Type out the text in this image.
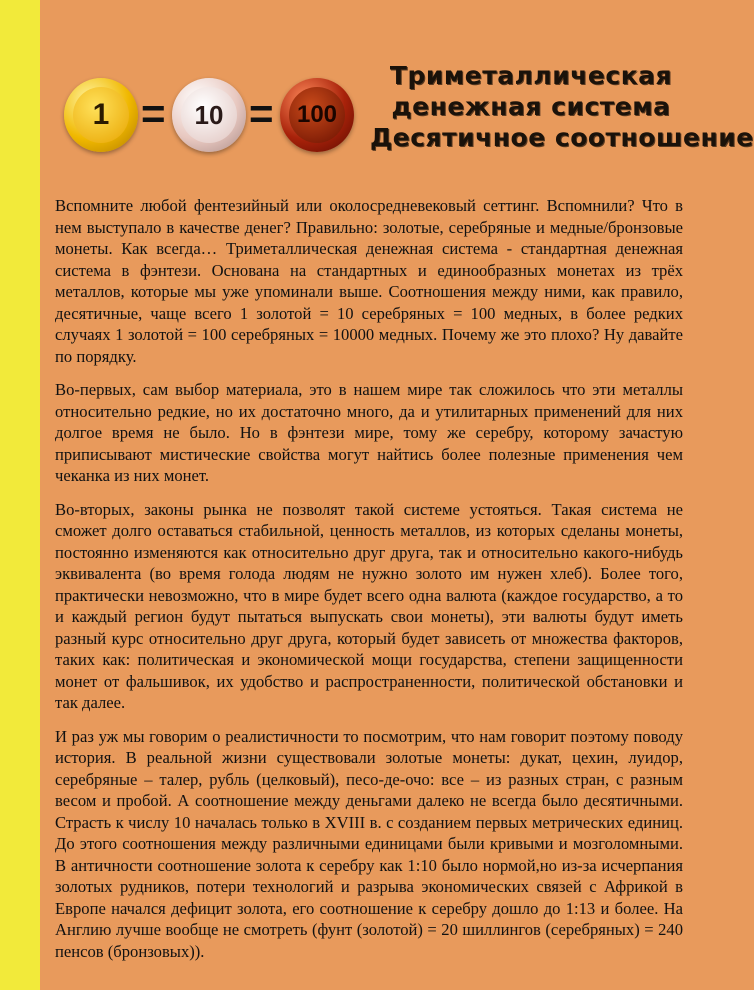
1 = 10 = 100
Триметаллическая
денежная система
Десятичное соотношение

Вспомните любой фентезийный или околосредневековый сеттинг. Вспомнили? Что в нем выступало в качестве денег? Правильно: золотые, серебряные и медные/бронзовые монеты. Как всегда… Триметаллическая денежная система - стандартная денежная система в фэнтези. Основана на стандартных и единообразных монетах из трёх металлов, которые мы уже упоминали выше. Соотношения между ними, как правило, десятичные, чаще всего 1 золотой = 10 серебряных = 100 медных, в более редких случаях 1 золотой = 100 серебряных = 10000 медных. Почему же это плохо? Ну давайте по порядку.

Во-первых, сам выбор материала, это в нашем мире так сложилось что эти металлы относительно редкие, но их достаточно много, да и утилитарных применений для них долгое время не было. Но в фэнтези мире, тому же серебру, которому зачастую приписывают мистические свойства могут найтись более полезные применения чем чеканка из них монет.

Во-вторых, законы рынка не позволят такой системе устояться. Такая система не сможет долго оставаться стабильной, ценность металлов, из которых сделаны монеты, постоянно изменяются как относительно друг друга, так и относительно какого-нибудь эквивалента (во время голода людям не нужно золото им нужен хлеб). Более того, практически невозможно, что в мире будет всего одна валюта (каждое государство, а то и каждый регион будут пытаться выпускать свои монеты), эти валюты будут иметь разный курс относительно друг друга, который будет зависеть от множества факторов, таких как: политическая и экономической мощи государства, степени защищенности монет от фальшивок, их удобство и распространенности, политической обстановки и так далее.

И раз уж мы говорим о реалистичности то посмотрим, что нам говорит поэтому поводу история. В реальной жизни существовали золотые монеты: дукат, цехин, луидор, серебряные – талер, рубль (целковый), песо-де-очо: все – из разных стран, с разным весом и пробой. А соотношение между деньгами далеко не всегда было десятичными. Страсть к числу 10 началась только в XVIII в. с созданием первых метрических единиц. До этого соотношения между различными единицами были кривыми и мозголомными. В античности соотношение золота к серебру как 1:10 было нормой,но из-за исчерпания золотых рудников, потери технологий и разрыва экономических связей с Африкой в Европе начался дефицит золота, его соотношение к серебру дошло до 1:13 и более. На Англию лучше вообще не смотреть (фунт (золотой) = 20 шиллингов (серебряных) = 240 пенсов (бронзовых)).
